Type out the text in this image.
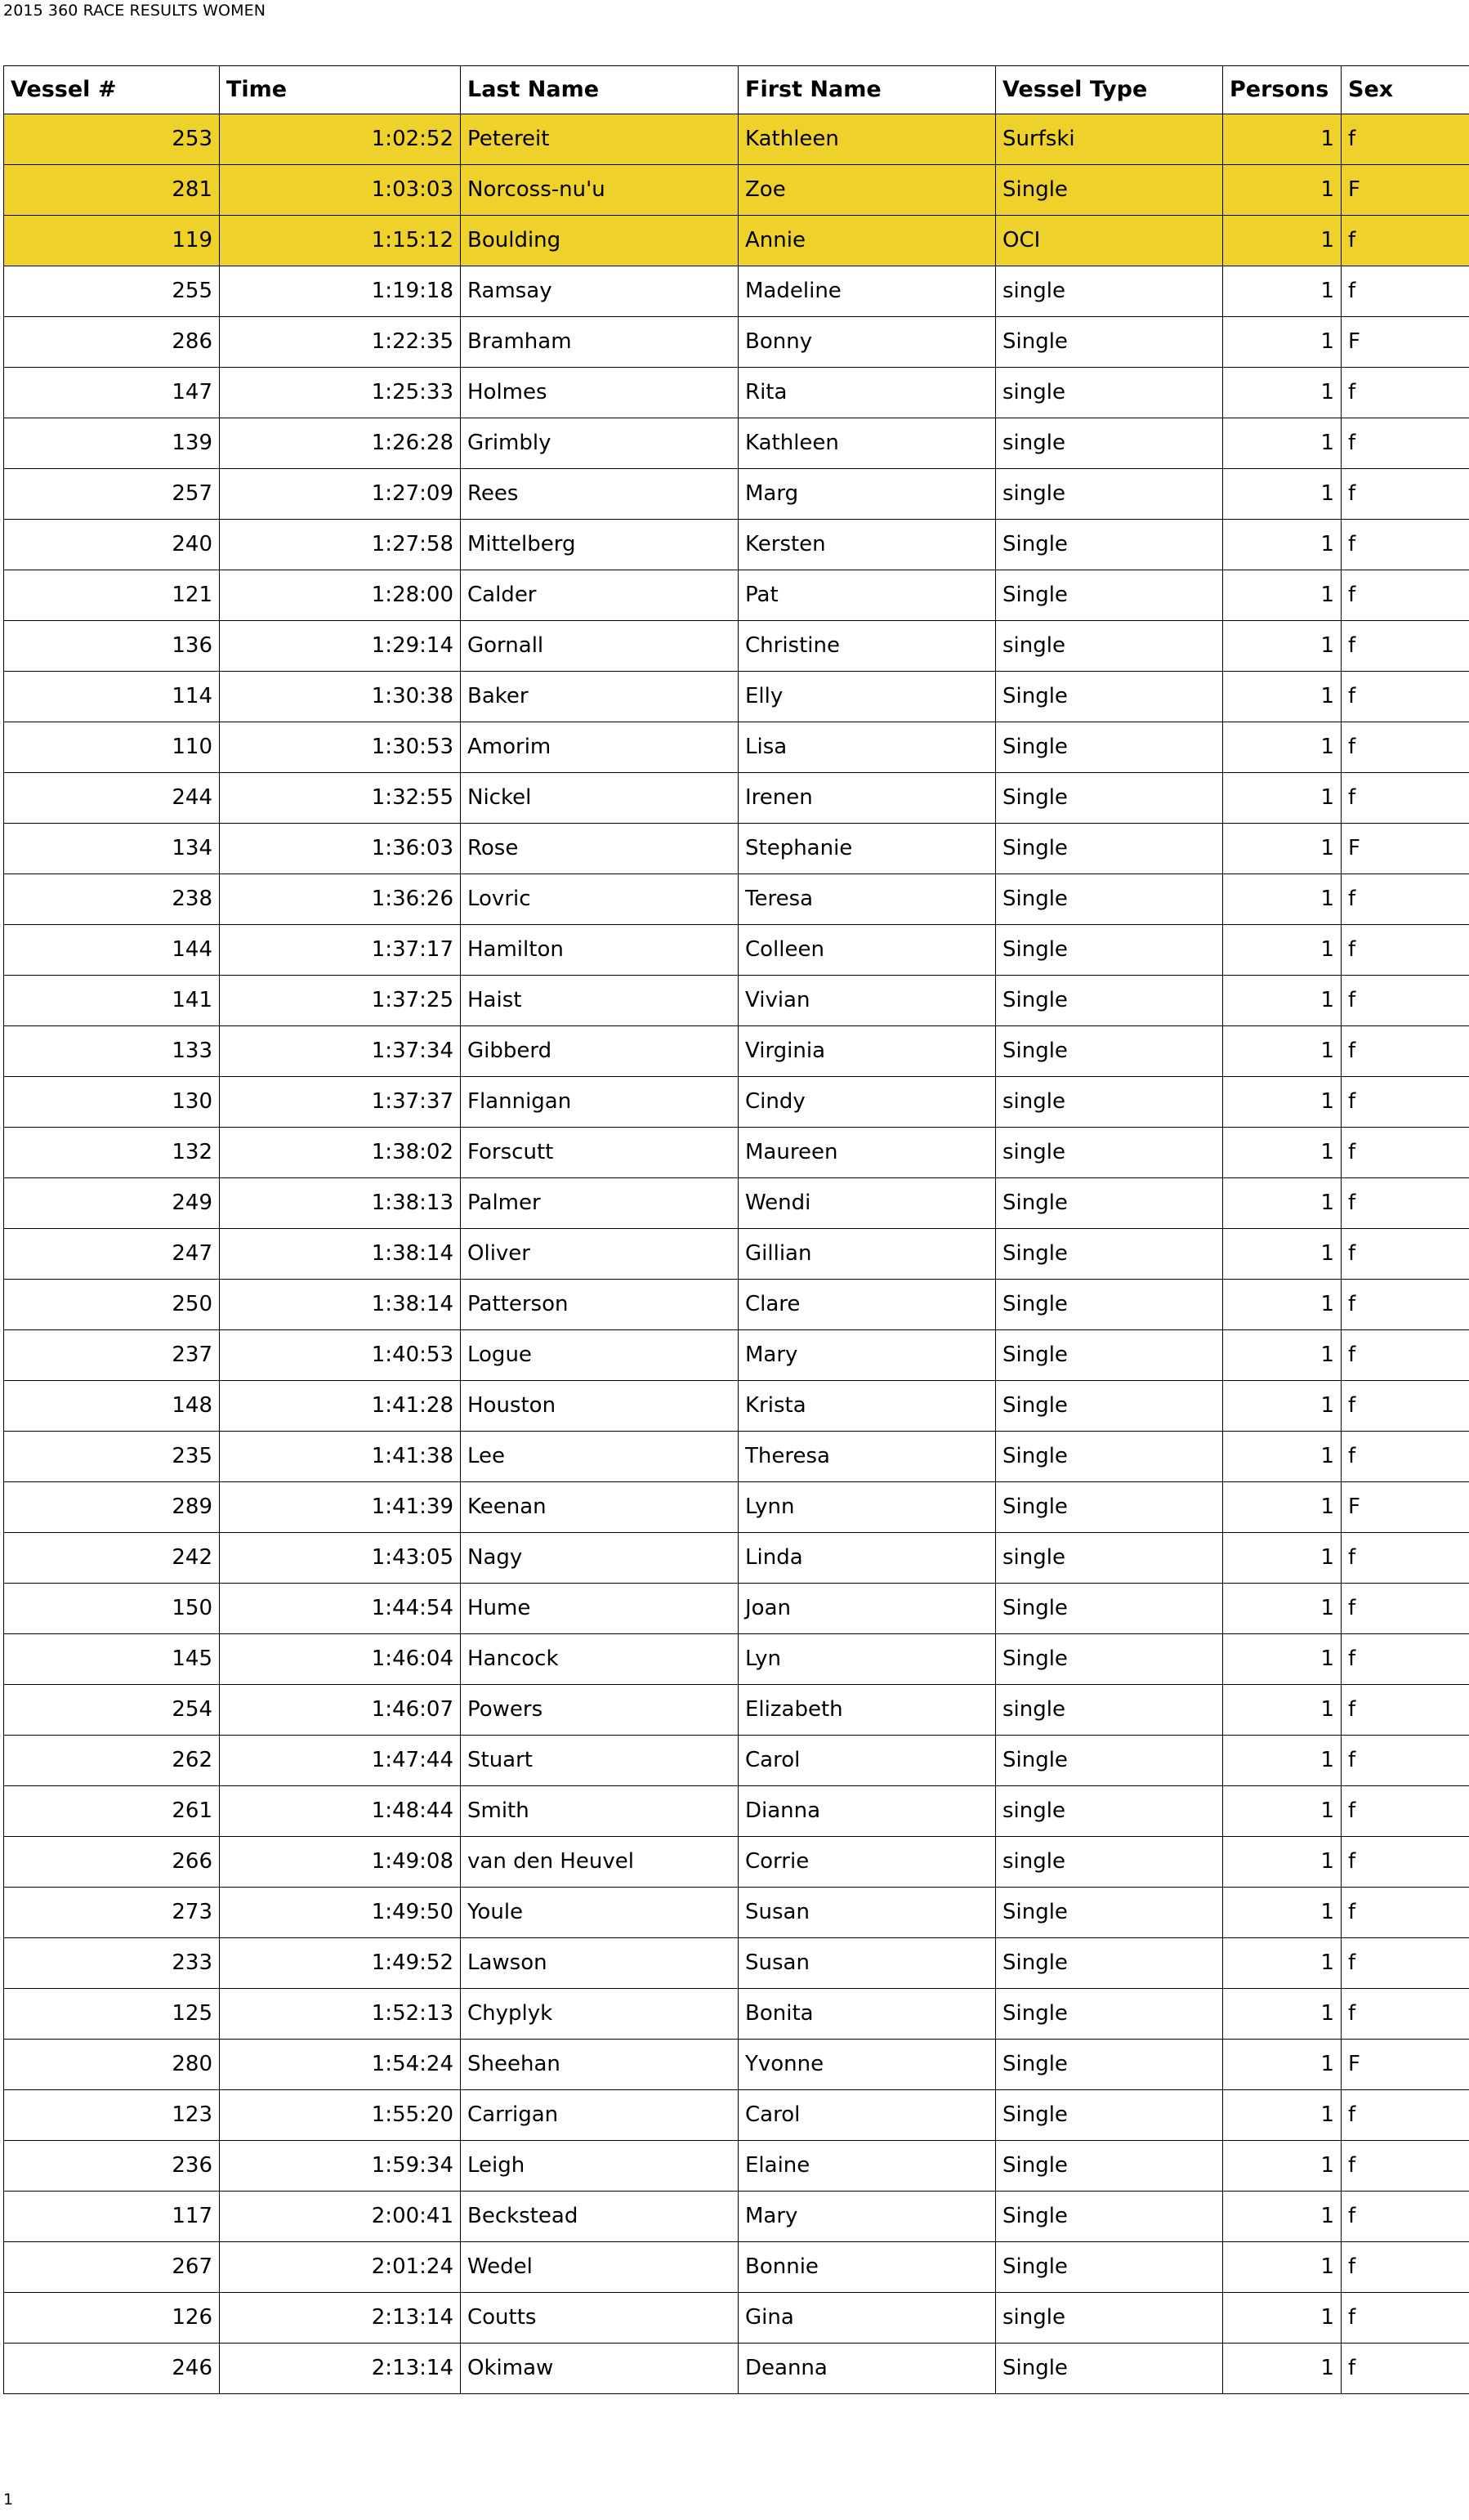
2015 360 RACE RESULTS WOMEN
Vessel #	Time	Last Name	First Name	Vessel Type	Persons	Sex
253	1:02:52	Petereit	Kathleen	Surfski	1	f
281	1:03:03	Norcoss-nu'u	Zoe	Single	1	F
119	1:15:12	Boulding	Annie	OCI	1	f
255	1:19:18	Ramsay	Madeline	single	1	f
286	1:22:35	Bramham	Bonny	Single	1	F
147	1:25:33	Holmes	Rita	single	1	f
139	1:26:28	Grimbly	Kathleen	single	1	f
257	1:27:09	Rees	Marg	single	1	f
240	1:27:58	Mittelberg	Kersten	Single	1	f
121	1:28:00	Calder	Pat	Single	1	f
136	1:29:14	Gornall	Christine	single	1	f
114	1:30:38	Baker	Elly	Single	1	f
110	1:30:53	Amorim	Lisa	Single	1	f
244	1:32:55	Nickel	Irenen	Single	1	f
134	1:36:03	Rose	Stephanie	Single	1	F
238	1:36:26	Lovric	Teresa	Single	1	f
144	1:37:17	Hamilton	Colleen	Single	1	f
141	1:37:25	Haist	Vivian	Single	1	f
133	1:37:34	Gibberd	Virginia	Single	1	f
130	1:37:37	Flannigan	Cindy	single	1	f
132	1:38:02	Forscutt	Maureen	single	1	f
249	1:38:13	Palmer	Wendi	Single	1	f
247	1:38:14	Oliver	Gillian	Single	1	f
250	1:38:14	Patterson	Clare	Single	1	f
237	1:40:53	Logue	Mary	Single	1	f
148	1:41:28	Houston	Krista	Single	1	f
235	1:41:38	Lee	Theresa	Single	1	f
289	1:41:39	Keenan	Lynn	Single	1	F
242	1:43:05	Nagy	Linda	single	1	f
150	1:44:54	Hume	Joan	Single	1	f
145	1:46:04	Hancock	Lyn	Single	1	f
254	1:46:07	Powers	Elizabeth	single	1	f
262	1:47:44	Stuart	Carol	Single	1	f
261	1:48:44	Smith	Dianna	single	1	f
266	1:49:08	van den Heuvel	Corrie	single	1	f
273	1:49:50	Youle	Susan	Single	1	f
233	1:49:52	Lawson	Susan	Single	1	f
125	1:52:13	Chyplyk	Bonita	Single	1	f
280	1:54:24	Sheehan	Yvonne	Single	1	F
123	1:55:20	Carrigan	Carol	Single	1	f
236	1:59:34	Leigh	Elaine	Single	1	f
117	2:00:41	Beckstead	Mary	Single	1	f
267	2:01:24	Wedel	Bonnie	Single	1	f
126	2:13:14	Coutts	Gina	single	1	f
246	2:13:14	Okimaw	Deanna	Single	1	f
1
